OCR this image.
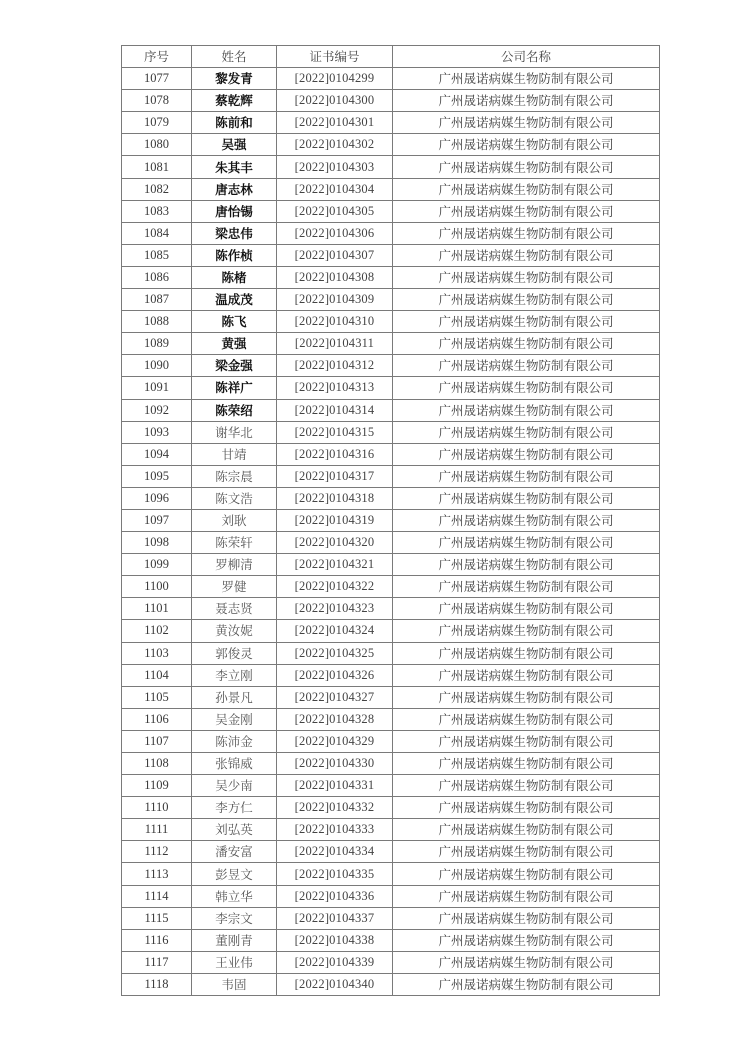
序号	姓名	证书编号	公司名称
1077	黎发青	[2022]0104299	广州晟诺病媒生物防制有限公司
1078	蔡乾辉	[2022]0104300	广州晟诺病媒生物防制有限公司
1079	陈前和	[2022]0104301	广州晟诺病媒生物防制有限公司
1080	吴强	[2022]0104302	广州晟诺病媒生物防制有限公司
1081	朱其丰	[2022]0104303	广州晟诺病媒生物防制有限公司
1082	唐志林	[2022]0104304	广州晟诺病媒生物防制有限公司
1083	唐怡锡	[2022]0104305	广州晟诺病媒生物防制有限公司
1084	梁忠伟	[2022]0104306	广州晟诺病媒生物防制有限公司
1085	陈作桢	[2022]0104307	广州晟诺病媒生物防制有限公司
1086	陈楮	[2022]0104308	广州晟诺病媒生物防制有限公司
1087	温成茂	[2022]0104309	广州晟诺病媒生物防制有限公司
1088	陈飞	[2022]0104310	广州晟诺病媒生物防制有限公司
1089	黄强	[2022]0104311	广州晟诺病媒生物防制有限公司
1090	梁金强	[2022]0104312	广州晟诺病媒生物防制有限公司
1091	陈祥广	[2022]0104313	广州晟诺病媒生物防制有限公司
1092	陈荣绍	[2022]0104314	广州晟诺病媒生物防制有限公司
1093	谢华北	[2022]0104315	广州晟诺病媒生物防制有限公司
1094	甘靖	[2022]0104316	广州晟诺病媒生物防制有限公司
1095	陈宗晨	[2022]0104317	广州晟诺病媒生物防制有限公司
1096	陈文浩	[2022]0104318	广州晟诺病媒生物防制有限公司
1097	刘耿	[2022]0104319	广州晟诺病媒生物防制有限公司
1098	陈荣轩	[2022]0104320	广州晟诺病媒生物防制有限公司
1099	罗柳清	[2022]0104321	广州晟诺病媒生物防制有限公司
1100	罗健	[2022]0104322	广州晟诺病媒生物防制有限公司
1101	聂志贤	[2022]0104323	广州晟诺病媒生物防制有限公司
1102	黄汝妮	[2022]0104324	广州晟诺病媒生物防制有限公司
1103	郭俊灵	[2022]0104325	广州晟诺病媒生物防制有限公司
1104	李立刚	[2022]0104326	广州晟诺病媒生物防制有限公司
1105	孙景凡	[2022]0104327	广州晟诺病媒生物防制有限公司
1106	吴金刚	[2022]0104328	广州晟诺病媒生物防制有限公司
1107	陈沛金	[2022]0104329	广州晟诺病媒生物防制有限公司
1108	张锦威	[2022]0104330	广州晟诺病媒生物防制有限公司
1109	吴少南	[2022]0104331	广州晟诺病媒生物防制有限公司
1110	李方仁	[2022]0104332	广州晟诺病媒生物防制有限公司
1111	刘弘英	[2022]0104333	广州晟诺病媒生物防制有限公司
1112	潘安富	[2022]0104334	广州晟诺病媒生物防制有限公司
1113	彭昱文	[2022]0104335	广州晟诺病媒生物防制有限公司
1114	韩立华	[2022]0104336	广州晟诺病媒生物防制有限公司
1115	李宗文	[2022]0104337	广州晟诺病媒生物防制有限公司
1116	董刚青	[2022]0104338	广州晟诺病媒生物防制有限公司
1117	王业伟	[2022]0104339	广州晟诺病媒生物防制有限公司
1118	韦固	[2022]0104340	广州晟诺病媒生物防制有限公司
